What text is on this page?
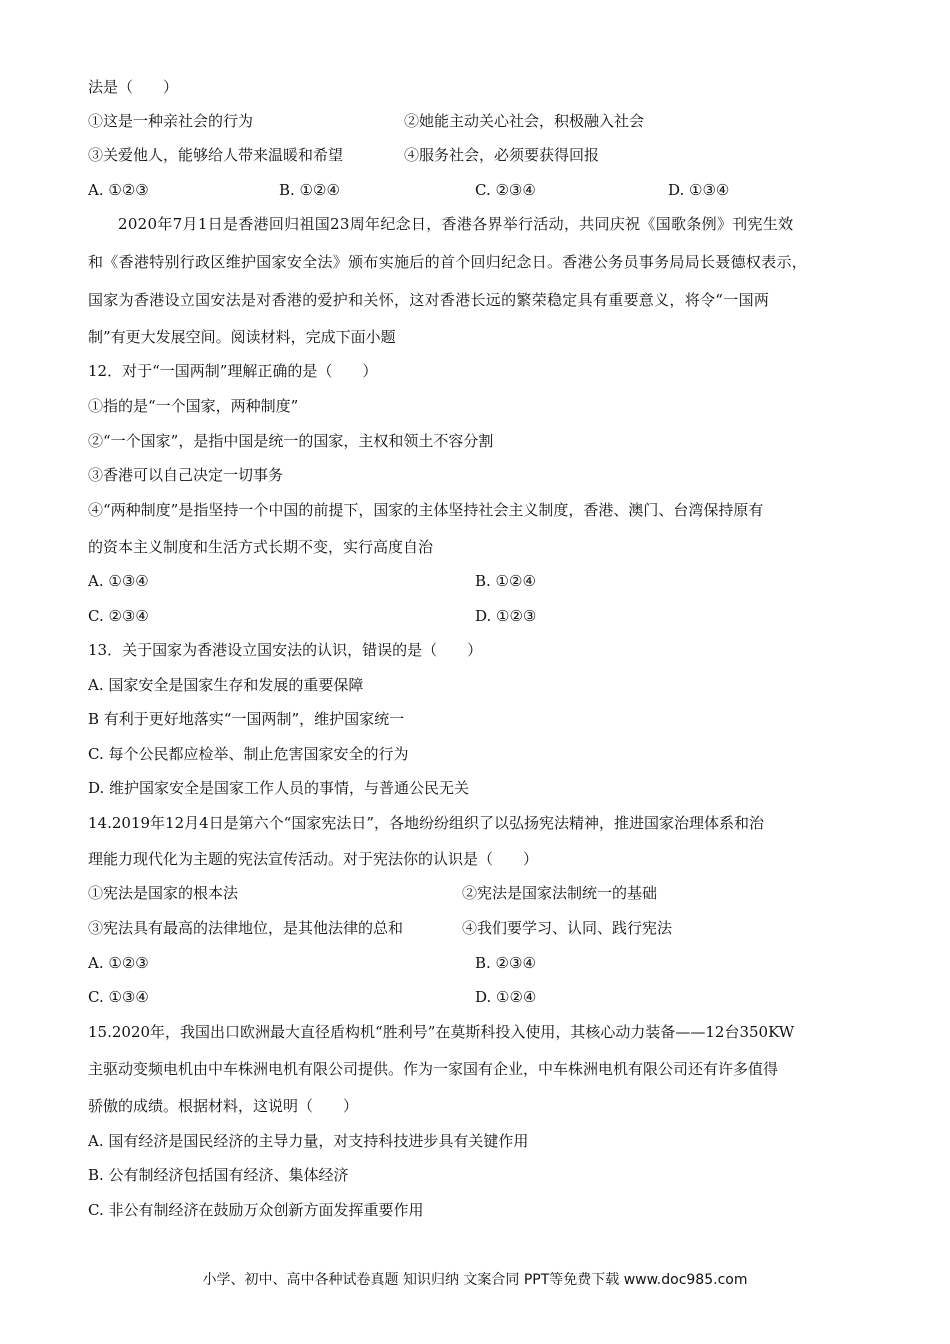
法是（　　）
①这是一种亲社会的行为	②她能主动关心社会，积极融入社会
③关爱他人，能够给人带来温暖和希望	④服务社会，必须要获得回报
A. ①②③	B. ①②④	C. ②③④	D. ①③④
2020年7月1日是香港回归祖国23周年纪念日，香港各界举行活动，共同庆祝《国歌条例》刊宪生效
和《香港特别行政区维护国家安全法》颁布实施后的首个回归纪念日。香港公务员事务局局长聂德权表示，
国家为香港设立国安法是对香港的爱护和关怀，这对香港长远的繁荣稳定具有重要意义，将令“一国两
制”有更大发展空间。阅读材料，完成下面小题
12．对于“一国两制”理解正确的是（　　）
①指的是“一个国家，两种制度”
②“一个国家”，是指中国是统一的国家，主权和领土不容分割
③香港可以自己决定一切事务
④“两种制度”是指坚持一个中国的前提下，国家的主体坚持社会主义制度，香港、澳门、台湾保持原有
的资本主义制度和生活方式长期不变，实行高度自治
A. ①③④	B. ①②④
C. ②③④	D. ①②③
13．关于国家为香港设立国安法的认识，错误的是（　　）
A. 国家安全是国家生存和发展的重要保障
B 有利于更好地落实“一国两制”，维护国家统一
C. 每个公民都应检举、制止危害国家安全的行为
D. 维护国家安全是国家工作人员的事情，与普通公民无关
14.2019年12月4日是第六个“国家宪法日”，各地纷纷组织了以弘扬宪法精神，推进国家治理体系和治
理能力现代化为主题的宪法宣传活动。对于宪法你的认识是（　　）
①宪法是国家的根本法	②宪法是国家法制统一的基础
③宪法具有最高的法律地位，是其他法律的总和	④我们要学习、认同、践行宪法
A. ①②③	B. ②③④
C. ①③④	D. ①②④
15.2020年，我国出口欧洲最大直径盾构机“胜利号”在莫斯科投入使用，其核心动力装备——12台350KW
主驱动变频电机由中车株洲电机有限公司提供。作为一家国有企业，中车株洲电机有限公司还有许多值得
骄傲的成绩。根据材料，这说明（　　）
A. 国有经济是国民经济的主导力量，对支持科技进步具有关键作用
B. 公有制经济包括国有经济、集体经济
C. 非公有制经济在鼓励万众创新方面发挥重要作用
小学、初中、高中各种试卷真题 知识归纳 文案合同 PPT等免费下载 www.doc985.com
